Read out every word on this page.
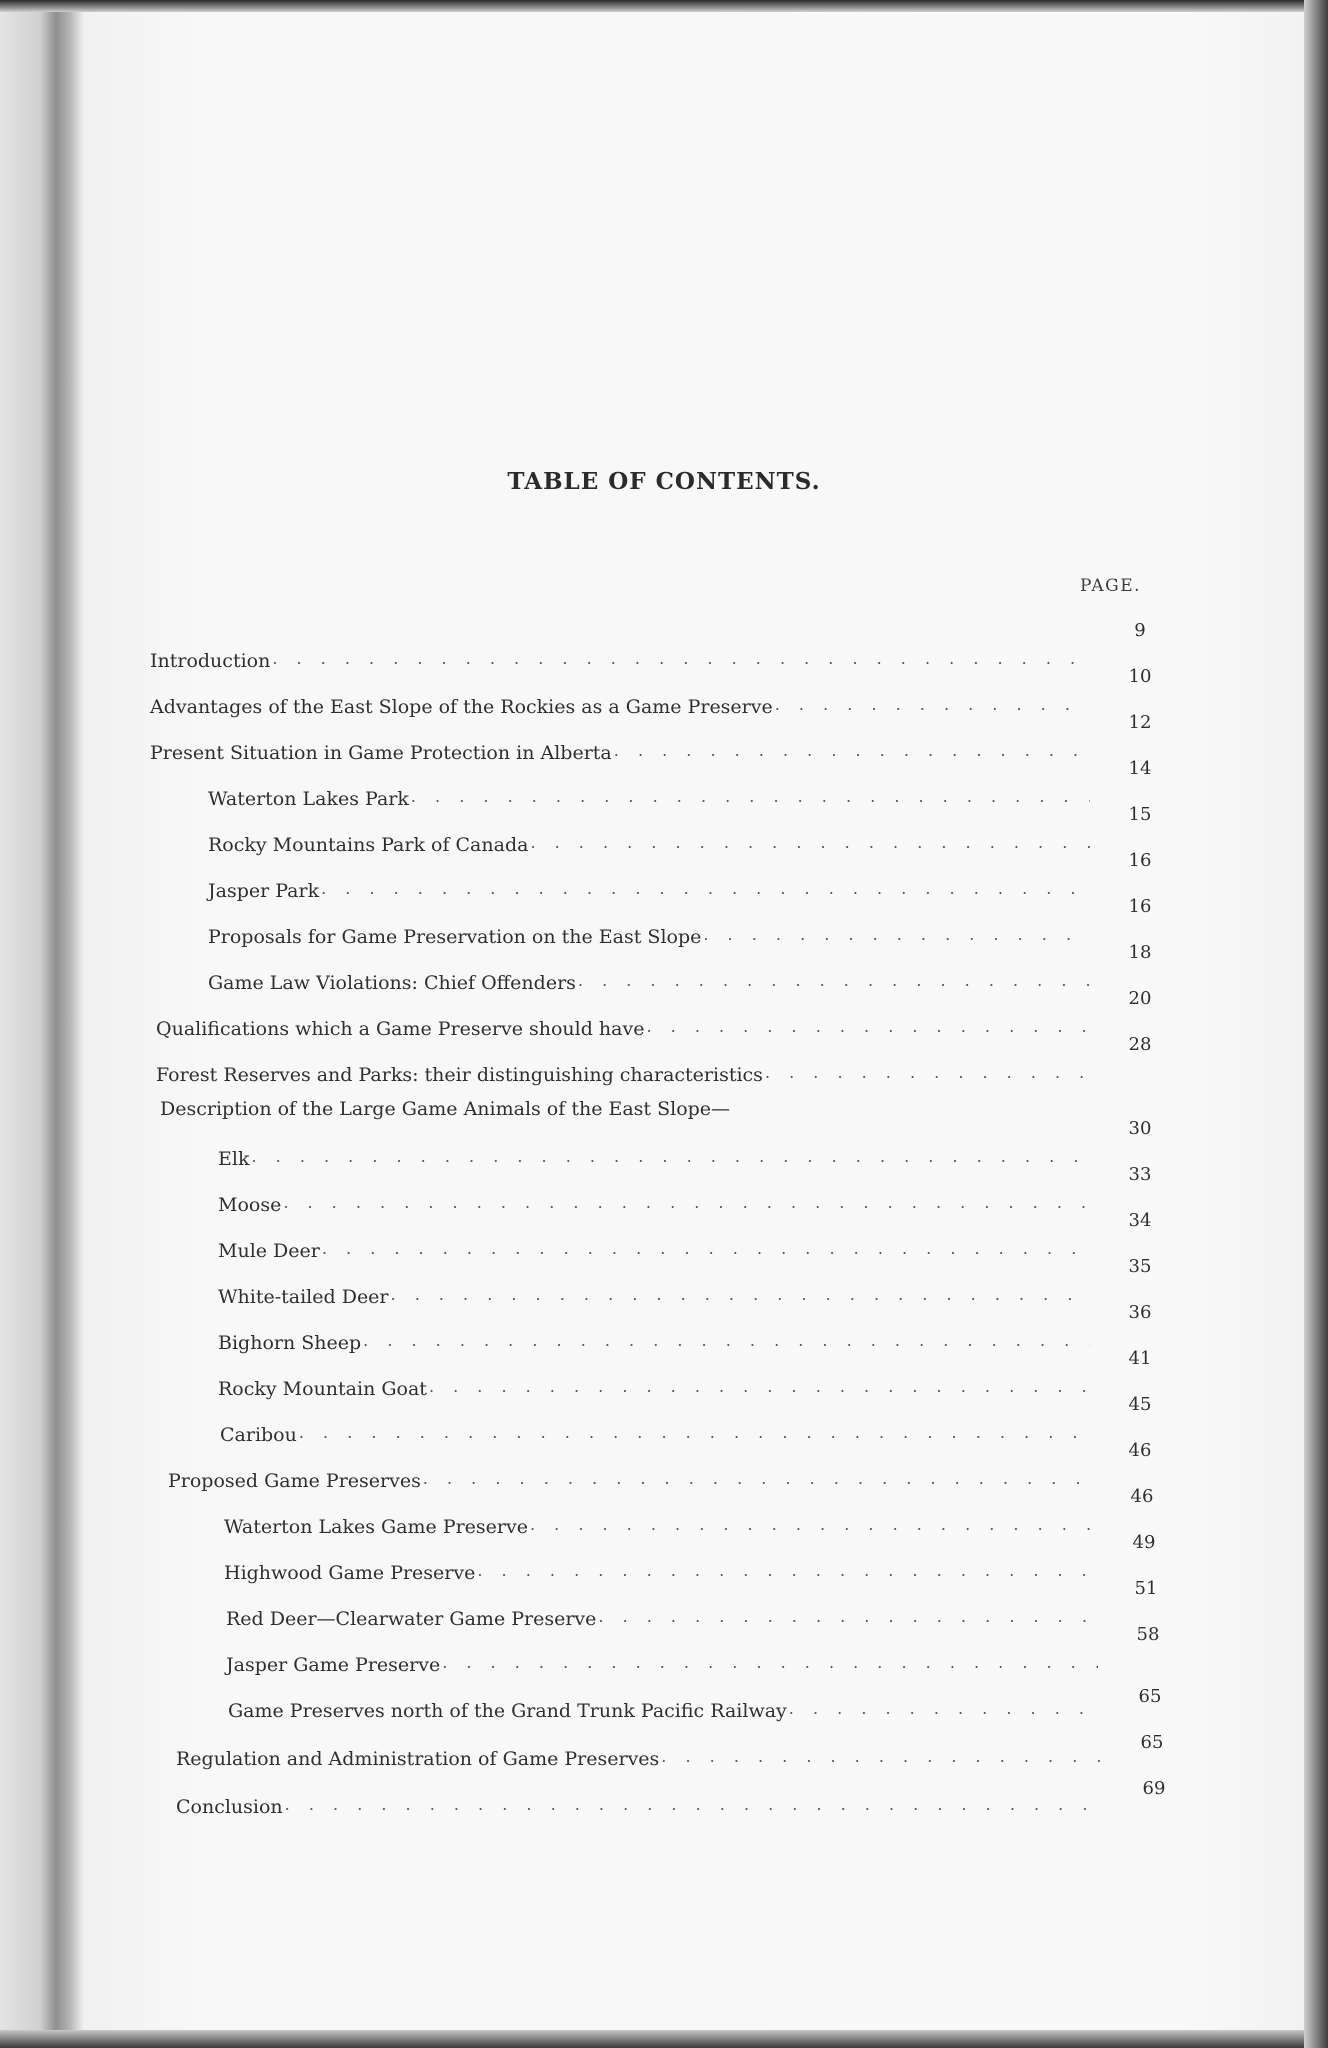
TABLE OF CONTENTS.
PAGE.
Introduction
. . .
9
Advantages of the East Slope of the Rockies as a Game Preserve
. . .
10
Present Situation in Game Protection in Alberta
. . .
12
Waterton Lakes Park
. . .
14
Rocky Mountains Park of Canada
. . .
15
Jasper Park
. . .
16
Proposals for Game Preservation on the East Slope
. . .
16
Game Law Violations: Chief Offenders
. . .
18
Qualifications which a Game Preserve should have
. . .
20
Forest Reserves and Parks: their distinguishing characteristics
. . .
28
Description of the Large Game Animals of the East Slope—
Elk
. . .
30
Moose
. . .
33
Mule Deer
. . .
34
White-tailed Deer
. . .
35
Bighorn Sheep
. . .
36
Rocky Mountain Goat
. . .
41
Caribou
. . .
45
Proposed Game Preserves
. . .
46
Waterton Lakes Game Preserve
. . .
46
Highwood Game Preserve
. . .
49
Red Deer—Clearwater Game Preserve
. . .
51
Jasper Game Preserve
. . .
58
Game Preserves north of the Grand Trunk Pacific Railway
. . .
65
Regulation and Administration of Game Preserves
. . .
65
Conclusion
. . .
69
